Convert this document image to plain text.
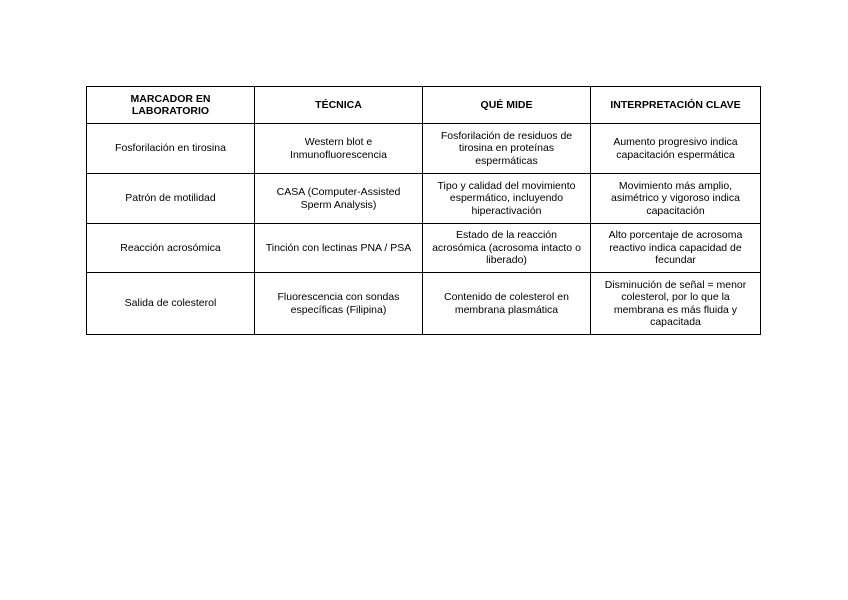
MARCADOR EN LABORATORIO	TÉCNICA	QUÉ MIDE	INTERPRETACIÓN CLAVE
Fosforilación en tirosina	Western blot e Inmunofluorescencia	Fosforilación de residuos de tirosina en proteínas espermáticas	Aumento progresivo indica capacitación espermática
Patrón de motilidad	CASA (Computer-Assisted Sperm Analysis)	Tipo y calidad del movimiento espermático, incluyendo hiperactivación	Movimiento más amplio, asimétrico y vigoroso indica capacitación
Reacción acrosómica	Tinción con lectinas PNA / PSA	Estado de la reacción acrosómica (acrosoma intacto o liberado)	Alto porcentaje de acrosoma reactivo indica capacidad de fecundar
Salida de colesterol	Fluorescencia con sondas específicas (Filipina)	Contenido de colesterol en membrana plasmática	Disminución de señal = menor colesterol, por lo que la membrana es más fluida y capacitada
